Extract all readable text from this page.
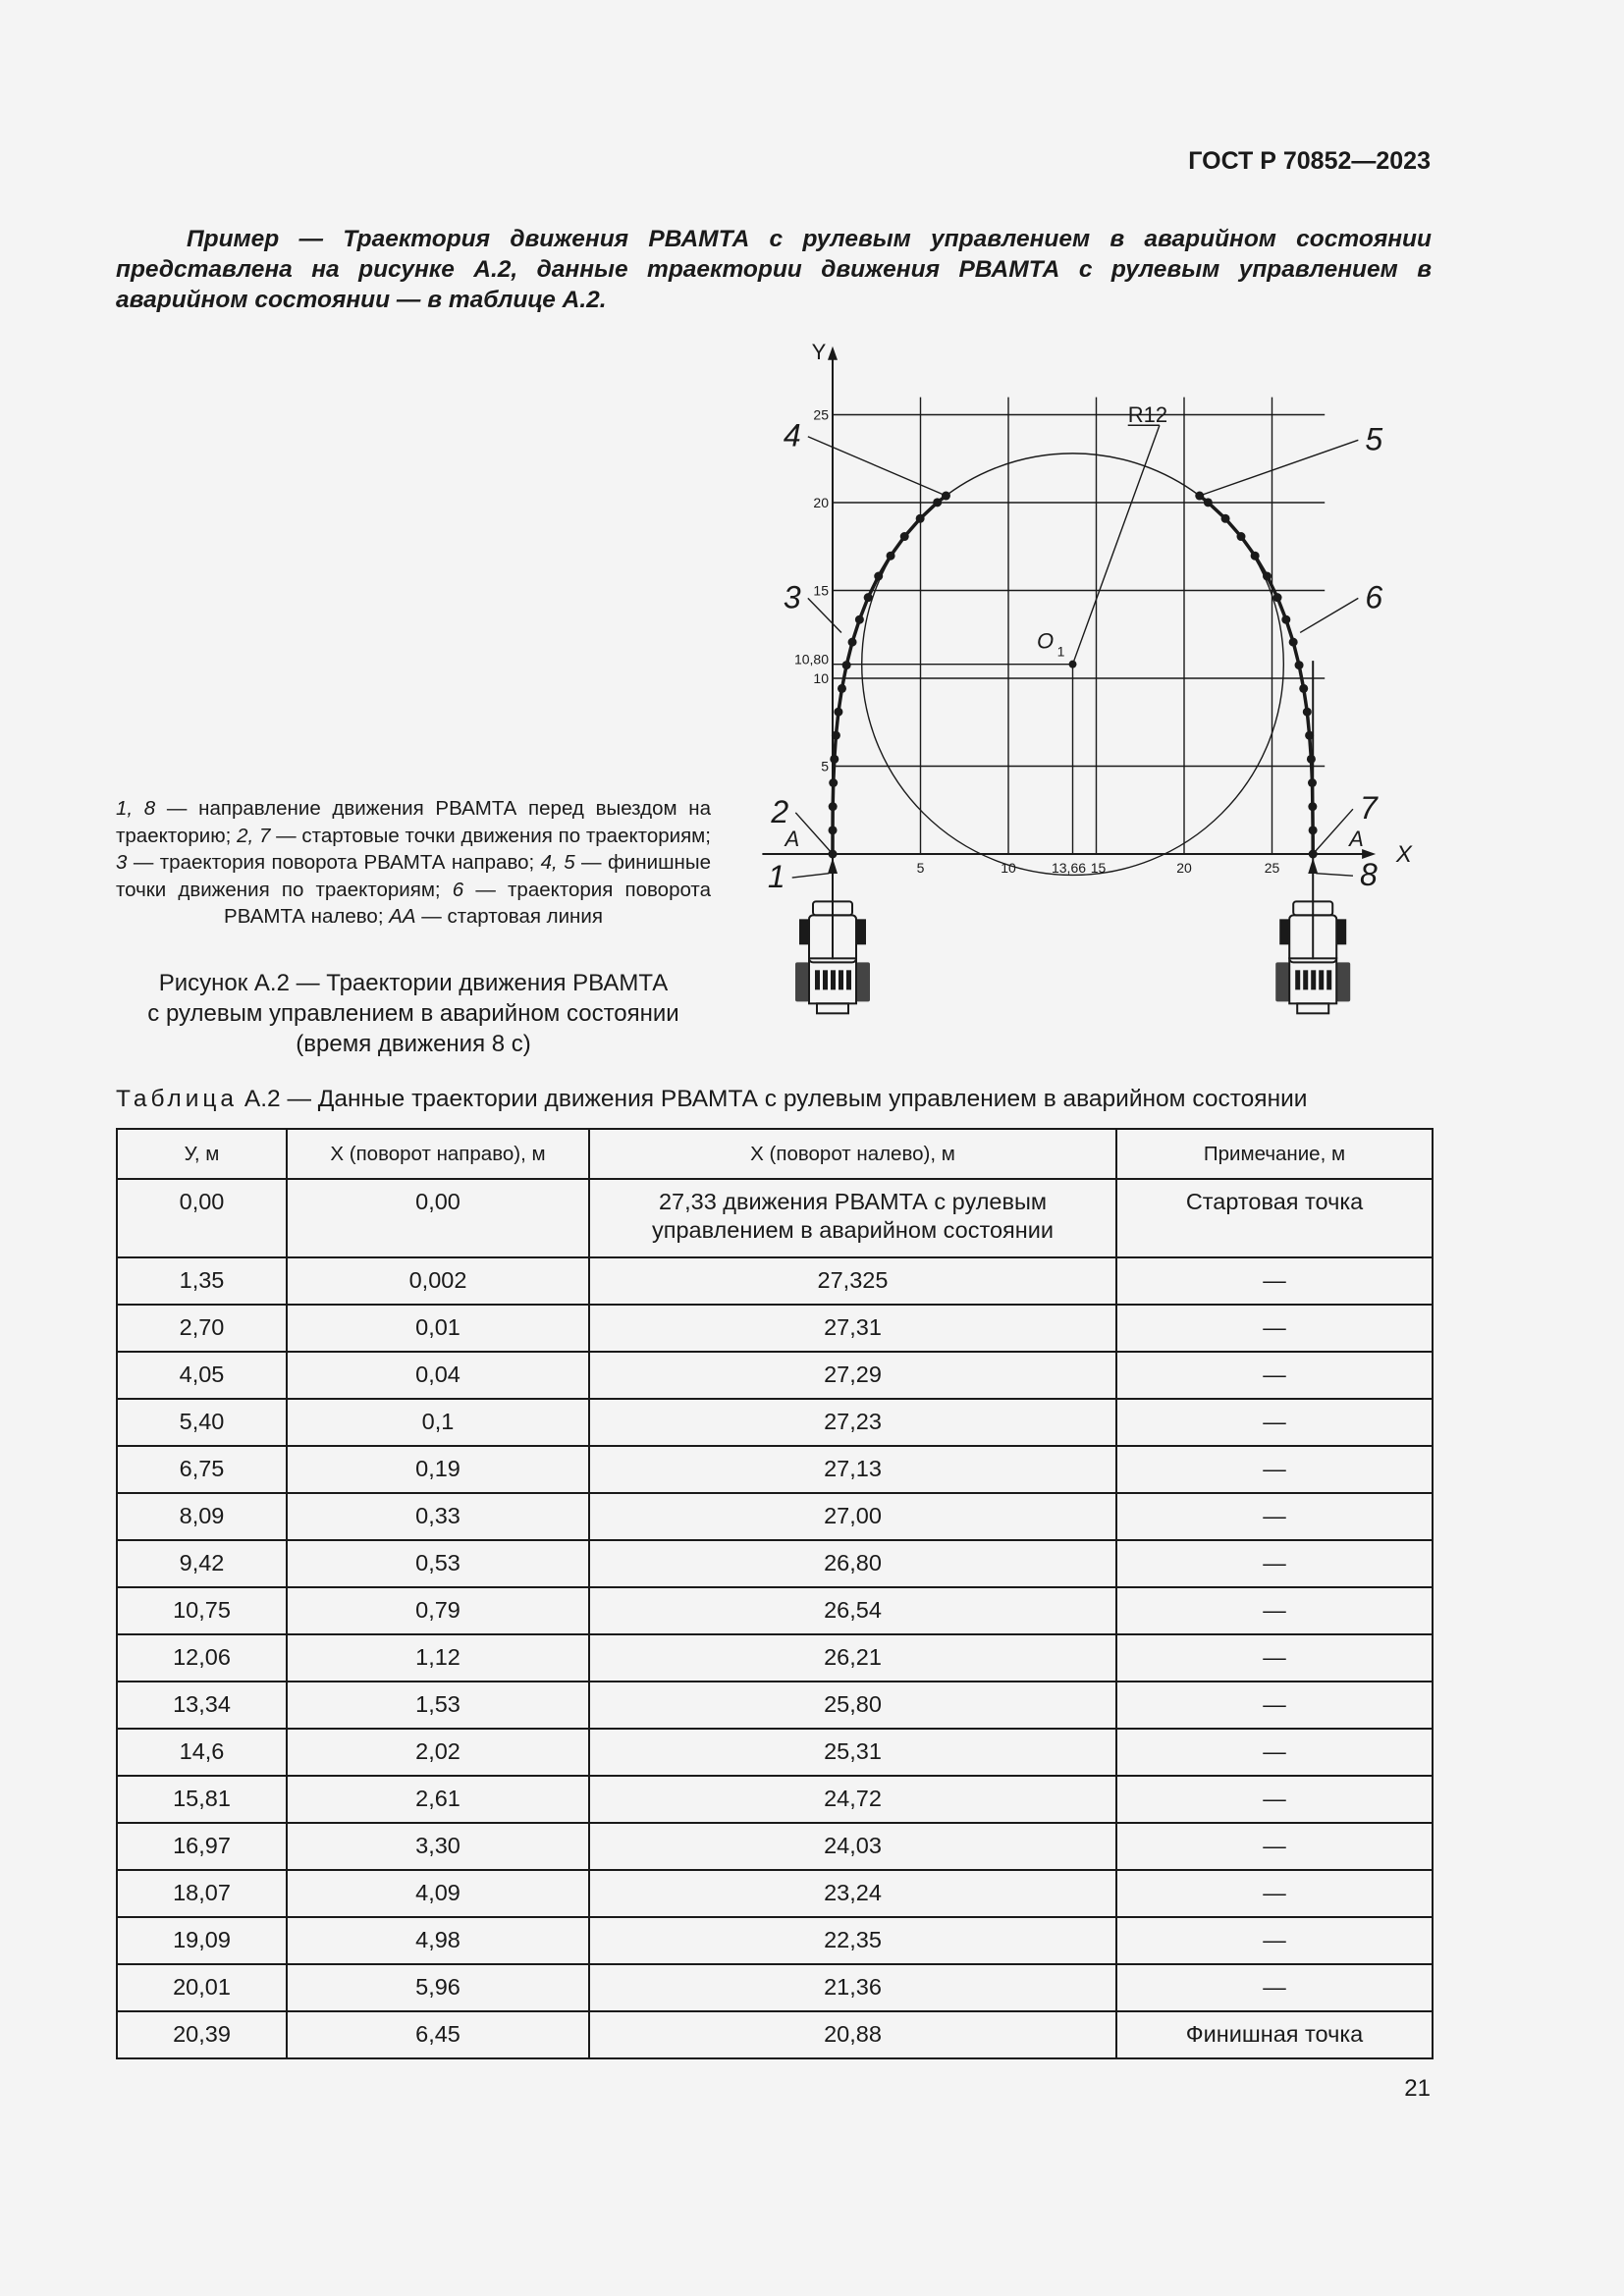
ГОСТ Р 70852—2023
Пример — Траектория движения РВАМТА с рулевым управлением в аварийном состоянии представлена на рисунке А.2, данные траектории движения РВАМТА с рулевым управлением в аварийном состоянии — в таблице А.2.
X
Y
25
20
15
10,80
10
5
5	10	13,66 15	20	25
R12
O 1
A	A
1
2
3
4	5
6
7
8
1, 8 — направление движения РВАМТА перед выездом на траекторию; 2, 7 — стартовые точки движения по траекториям; 3 — траектория поворота РВАМТА направо; 4, 5 — финишные точки движения по траекториям; 6 — траектория поворота РВАМТА налево; АА — стартовая линия
Рисунок А.2 — Траектории движения РВАМТА
с рулевым управлением в аварийном состоянии
(время движения 8 с)
Таблица А.2 — Данные траектории движения РВАМТА с рулевым управлением в аварийном состоянии
У, м	X (поворот направо), м	X (поворот налево), м	Примечание, м
0,00	0,00	27,33 движения РВАМТА с рулевым управлением в аварийном состоянии	Стартовая точка
1,35	0,002	27,325	—
2,70	0,01	27,31	—
4,05	0,04	27,29	—
5,40	0,1	27,23	—
6,75	0,19	27,13	—
8,09	0,33	27,00	—
9,42	0,53	26,80	—
10,75	0,79	26,54	—
12,06	1,12	26,21	—
13,34	1,53	25,80	—
14,6	2,02	25,31	—
15,81	2,61	24,72	—
16,97	3,30	24,03	—
18,07	4,09	23,24	—
19,09	4,98	22,35	—
20,01	5,96	21,36	—
20,39	6,45	20,88	Финишная точка
21
